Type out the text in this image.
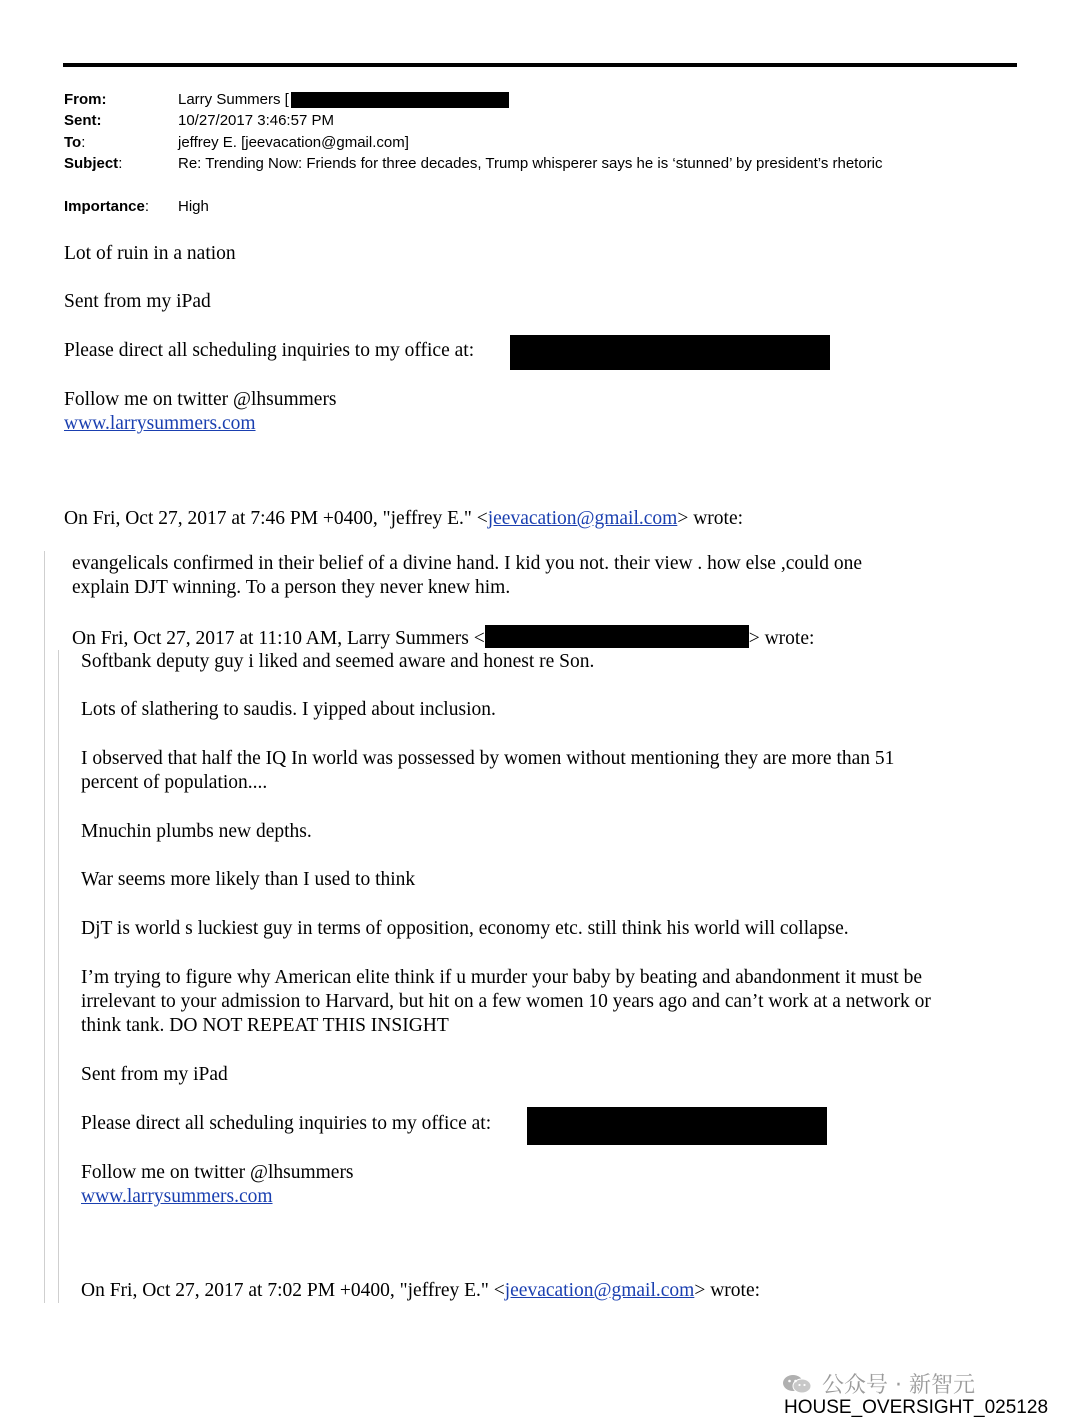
From:	Larry Summers [
Sent:	10/27/2017 3:46:57 PM
To:	jeffrey E. [jeevacation@gmail.com]
Subject:	Re: Trending Now: Friends for three decades, Trump whisperer says he is ‘stunned’ by president’s rhetoric
Importance: High
Lot of ruin in a nation
Sent from my iPad
Please direct all scheduling inquiries to my office at:
Follow me on twitter @lhsummers
www.larrysummers.com
On Fri, Oct 27, 2017 at 7:46 PM +0400, "jeffrey E." <jeevacation@gmail.com> wrote:
evangelicals confirmed in their belief of a divine hand. I kid you not. their view . how else ,could one
explain DJT winning. To a person they never knew him.
On Fri, Oct 27, 2017 at 11:10 AM, Larry Summers <	> wrote:
Softbank deputy guy i liked and seemed aware and honest re Son.
Lots of slathering to saudis. I yipped about inclusion.
I observed that half the IQ In world was possessed by women without mentioning they are more than 51
percent of population....
Mnuchin plumbs new depths.
War seems more likely than I used to think
DjT is world s luckiest guy in terms of opposition, economy etc. still think his world will collapse.
I’m trying to figure why American elite think if u murder your baby by beating and abandonment it must be
irrelevant to your admission to Harvard, but hit on a few women 10 years ago and can’t work at a network or
think tank. DO NOT REPEAT THIS INSIGHT
Sent from my iPad
Please direct all scheduling inquiries to my office at:
Follow me on twitter @lhsummers
www.larrysummers.com
On Fri, Oct 27, 2017 at 7:02 PM +0400, "jeffrey E." <jeevacation@gmail.com> wrote:
公众号 · 新智元
HOUSE_OVERSIGHT_025128
